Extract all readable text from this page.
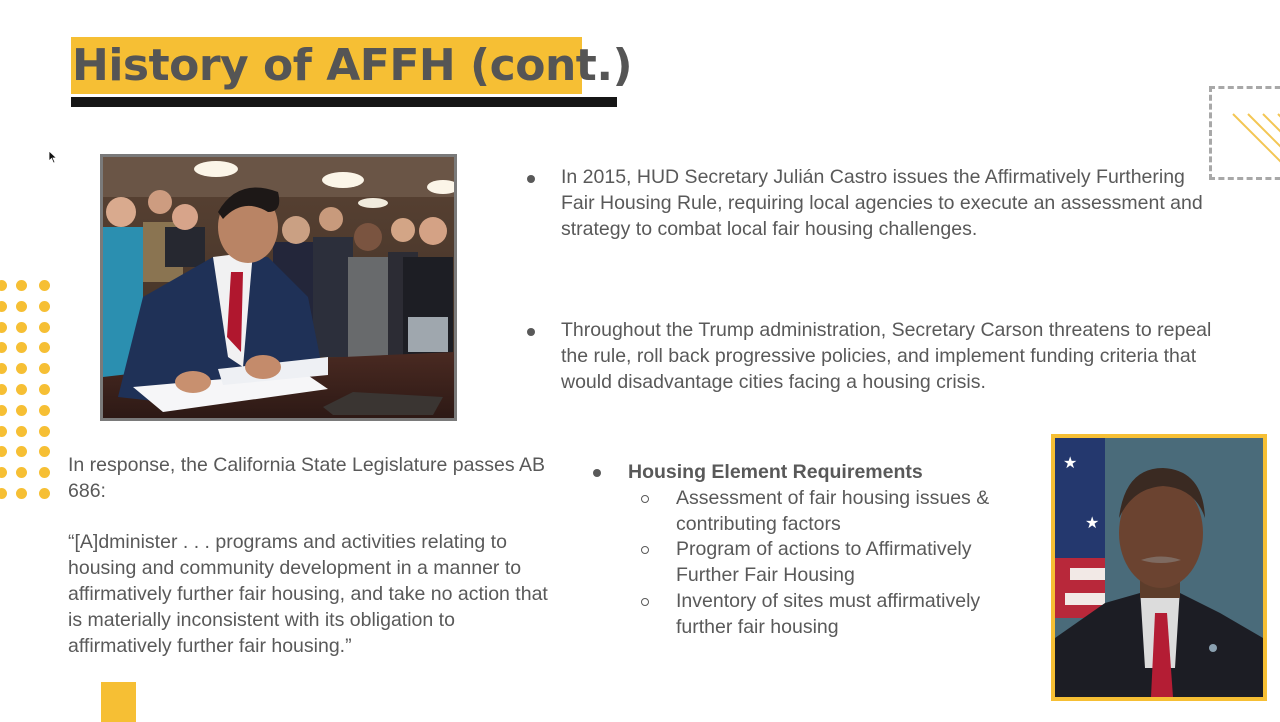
History of AFFH (cont.)
In 2015, HUD Secretary Julián Castro issues the Affirmatively Furthering Fair Housing Rule, requiring local agencies to execute an assessment and strategy to combat local fair housing challenges.
Throughout the Trump administration, Secretary Carson threatens to repeal the rule, roll back progressive policies, and implement funding criteria that would disadvantage cities facing a housing crisis.
Housing Element Requirements
Assessment of fair housing issues & contributing factors
Program of actions to Affirmatively Further Fair Housing
Inventory of sites must affirmatively further fair housing

In response, the California State Legislature passes AB 686:

“[A]dminister . . . programs and activities relating to housing and community development in a manner to affirmatively further fair housing, and take no action that is materially inconsistent with its obligation to affirmatively further fair housing.”

★
★
